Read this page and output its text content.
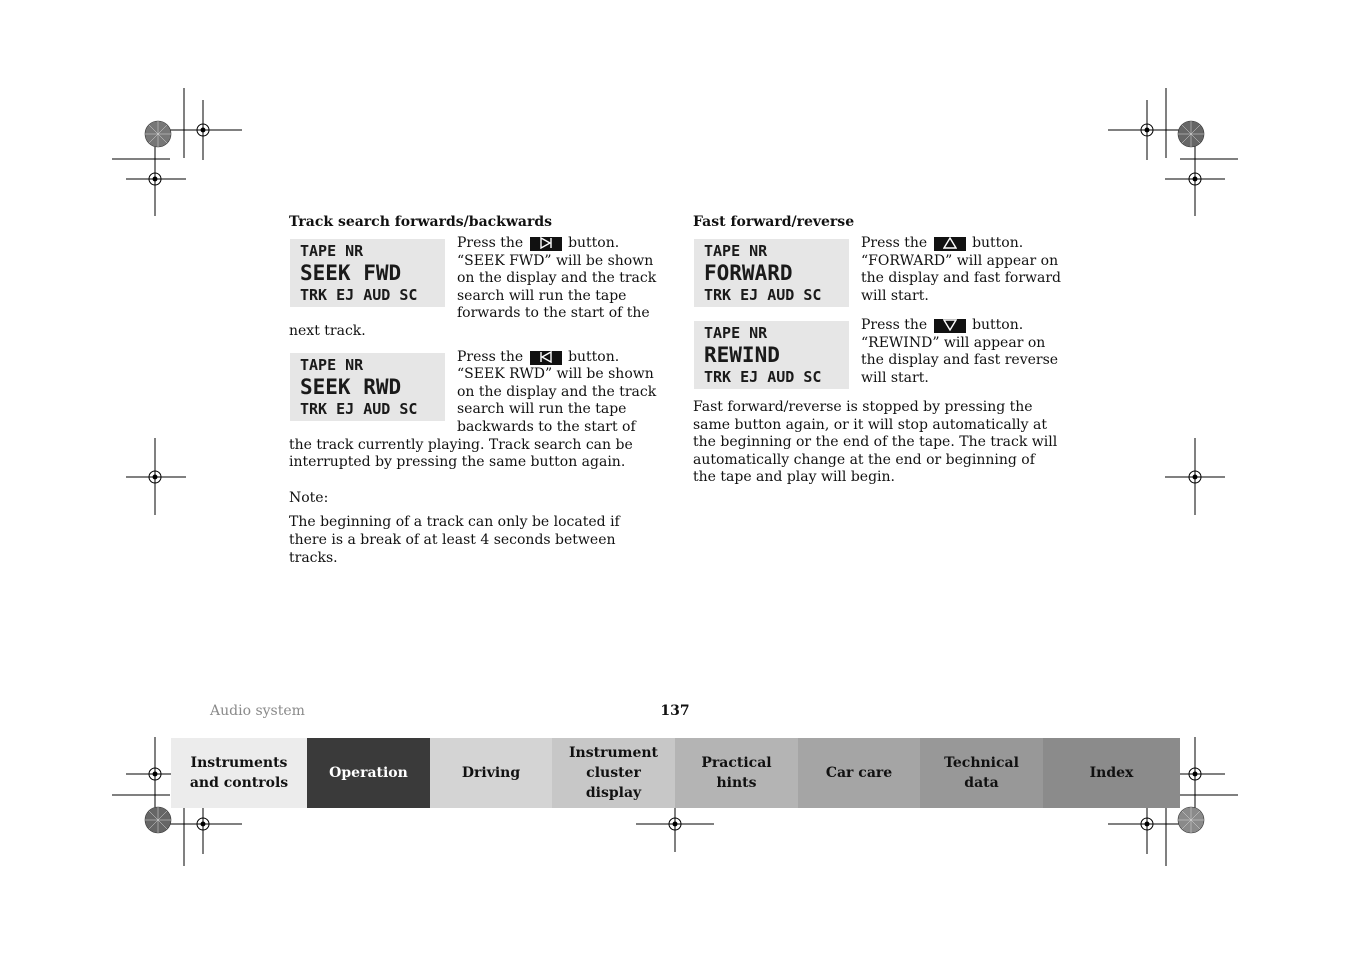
Track search forwards/backwards
TAPE NR
SEEK FWD
TRK EJ AUD SC
Press the	button.
“SEEK FWD” will be shown on the display and the track search will run the tape forwards to the start of the next track.
TAPE NR
SEEK RWD
TRK EJ AUD SC
Press the	button.
“SEEK RWD” will be shown on the display and the track search will run the tape backwards to the start of the track currently playing. Track search can be interrupted by pressing the same button again.
Note:
The beginning of a track can only be located if there is a break of at least 4 seconds between tracks.
Fast forward/reverse
TAPE NR
FORWARD
TRK EJ AUD SC
Press the	button.
“FORWARD” will appear on the display and fast forward will start.
TAPE NR
REWIND
TRK EJ AUD SC
Press the	button.
“REWIND” will appear on the display and fast reverse will start.
Fast forward/reverse is stopped by pressing the same button again, or it will stop automatically at the beginning or the end of the tape. The track will automatically change at the end or beginning of the tape and play will begin.
Audio system	137
Instruments and controls
Operation	Driving
Instrument cluster display
Practical hints
Car care
Technical data
Index
